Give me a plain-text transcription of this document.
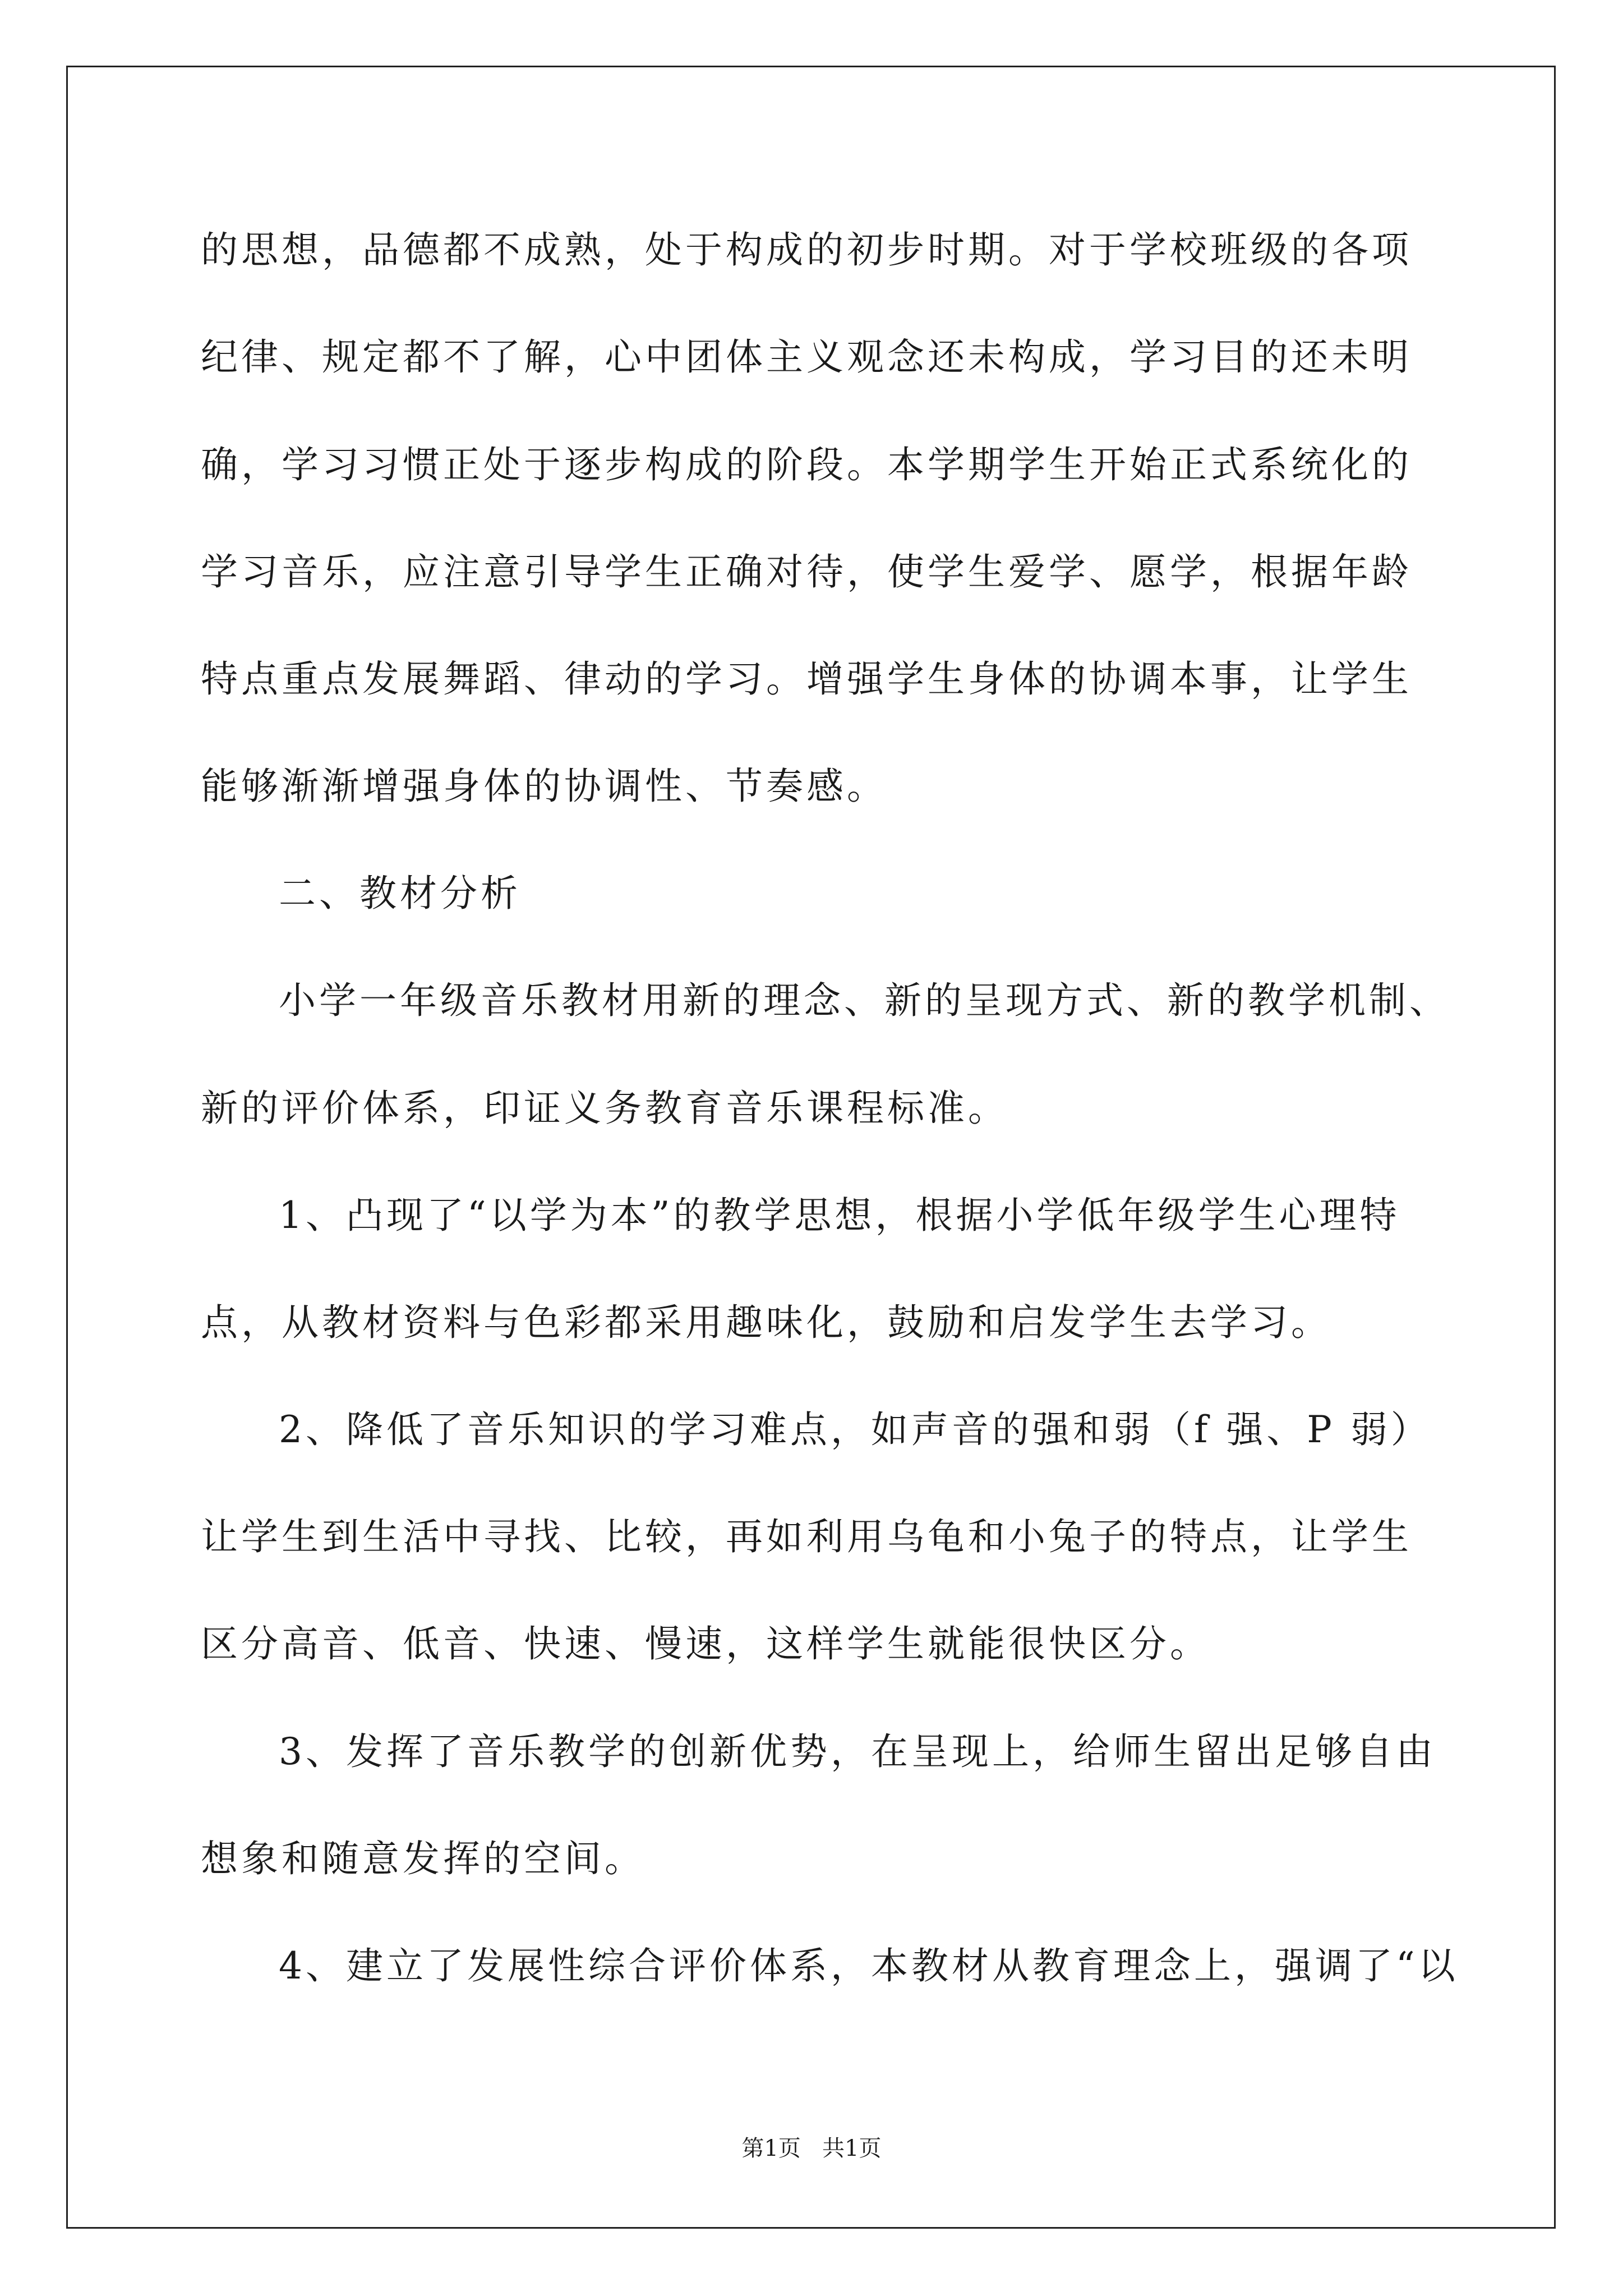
的思想，品德都不成熟，处于构成的初步时期。对于学校班级的各项
纪律、规定都不了解，心中团体主义观念还未构成，学习目的还未明
确，学习习惯正处于逐步构成的阶段。本学期学生开始正式系统化的
学习音乐，应注意引导学生正确对待，使学生爱学、愿学，根据年龄
特点重点发展舞蹈、律动的学习。增强学生身体的协调本事，让学生
能够渐渐增强身体的协调性、节奏感。
二、教材分析
小学一年级音乐教材用新的理念、新的呈现方式、新的教学机制、
新的评价体系，印证义务教育音乐课程标准。
1、凸现了“以学为本”的教学思想，根据小学低年级学生心理特
点，从教材资料与色彩都采用趣味化，鼓励和启发学生去学习。
2、降低了音乐知识的学习难点，如声音的强和弱（f 强、P 弱）
让学生到生活中寻找、比较，再如利用乌龟和小兔子的特点，让学生
区分高音、低音、快速、慢速，这样学生就能很快区分。
3、发挥了音乐教学的创新优势，在呈现上，给师生留出足够自由
想象和随意发挥的空间。
4、建立了发展性综合评价体系，本教材从教育理念上，强调了“以
第1页   共1页
